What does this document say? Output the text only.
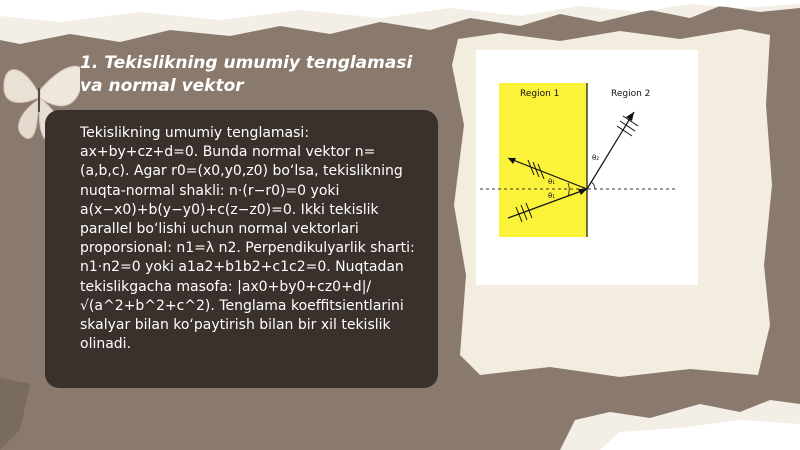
1. Tekislikning umumiy tenglamasi va normal vektor
Tekislikning umumiy tenglamasi: ax+by+cz+d=0. Bunda normal vektor n=(a,b,c). Agar r0=(x0,y0,z0) bo‘lsa, tekislikning nuqta-normal shakli: n·(r−r0)=0 yoki a(x−x0)+b(y−y0)+c(z−z0)=0. Ikki tekislik parallel bo‘lishi uchun normal vektorlari proporsional: n1=λ n2. Perpendikulyarlik sharti: n1·n2=0 yoki a1a2+b1b2+c1c2=0. Nuqtadan tekislikgacha masofa: |ax0+by0+cz0+d|/√(a^2+b^2+c^2). Tenglama koeffitsientlarini skalyar bilan ko‘paytirish bilan bir xil tekislik olinadi.
Region 1	Region 2
θ₁
θ₁
θ₂
